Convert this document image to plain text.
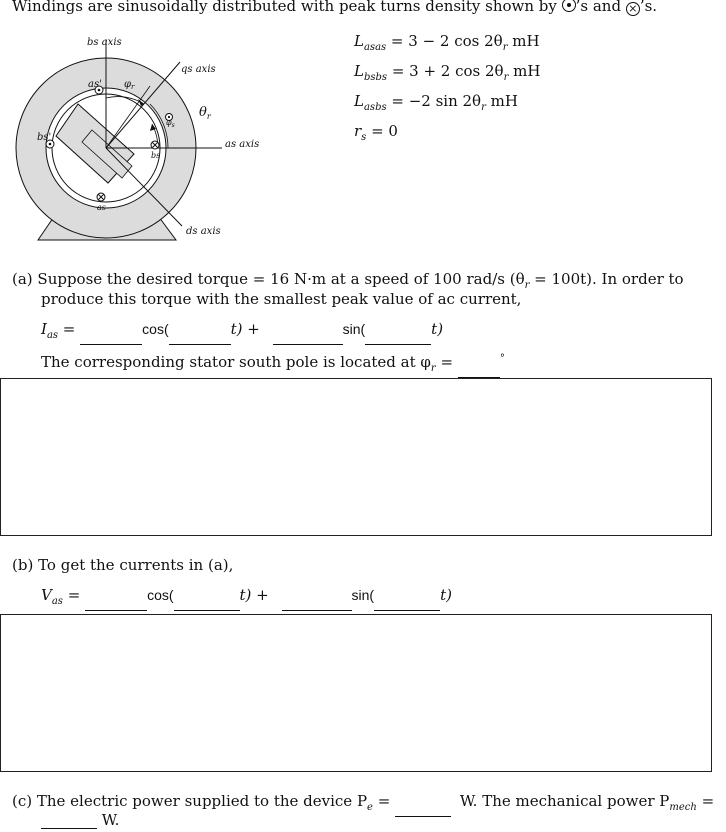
Windings are sinusoidally distributed with peak turns density shown by
’s and × ’s.
bs axis
qs axis
as axis
ds axis
as'
bs'
as
bs
$\varphi_r$
$\varphi_s$
$\theta_r$
$L_{asas} = 3 - 2$ $\cos 2\theta_r$ mH
$L_{bsbs} = 3 + 2$ $\cos 2\theta_r$ mH
$L_{asbs} = -2$ $\sin 2\theta_r$ mH
$r_s = 0$
(a) Suppose the desired torque = 16 N·m at a speed of 100 rad/s $(\theta_r = 100t)$. In order to
produce this torque with the smallest peak value of ac current,
$I_{as}$ =	cos(	t) +	sin(	t)
The corresponding stator south pole is located at $\varphi_r$ =	°
(b) To get the currents in (a),
$V_{as}$ =	cos(	t) +	sin(	t)
(c) The electric power supplied to the device $P_e$ =	W. The mechanical power $P_{mech}$ =
W.
